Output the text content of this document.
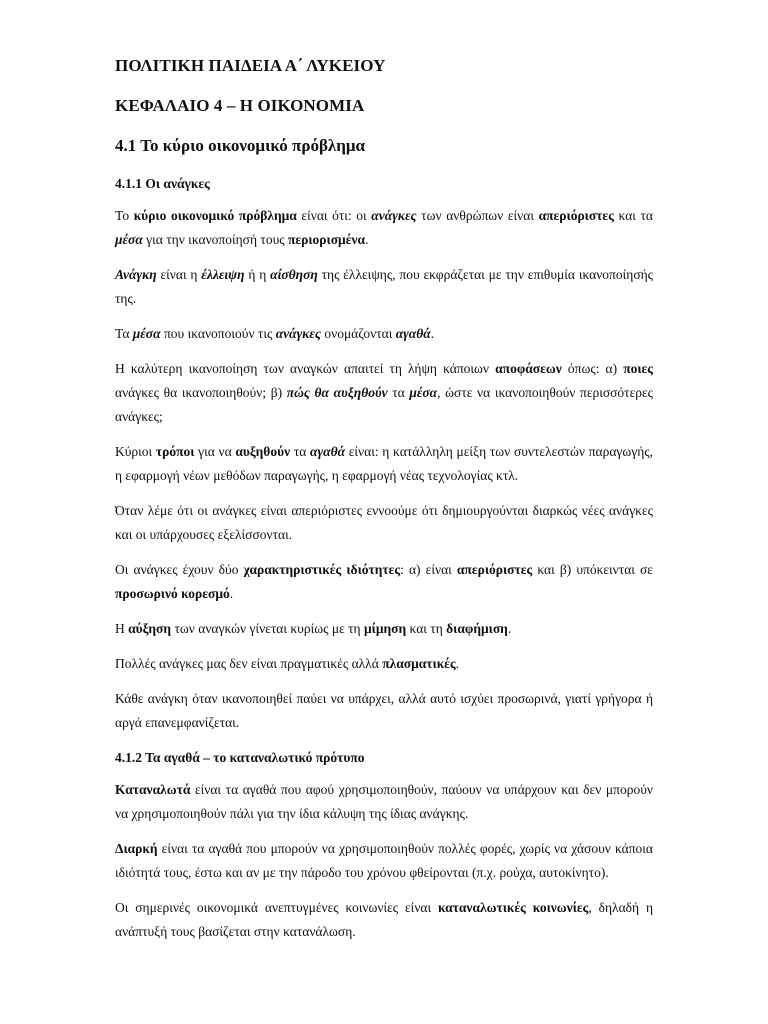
ΠΟΛΙΤΙΚΗ ΠΑΙΔΕΙΑ Α΄ ΛΥΚΕΙΟΥ
ΚΕΦΑΛΑΙΟ 4 – Η ΟΙΚΟΝΟΜΙΑ
4.1 Το κύριο οικονομικό πρόβλημα
4.1.1 Οι ανάγκες
Το κύριο οικονομικό πρόβλημα είναι ότι: οι ανάγκες των ανθρώπων είναι απεριόριστες και τα μέσα για την ικανοποίησή τους περιορισμένα.
Ανάγκη είναι η έλλειψη ή η αίσθηση της έλλειψης, που εκφράζεται με την επιθυμία ικανοποίησής της.
Τα μέσα που ικανοποιούν τις ανάγκες ονομάζονται αγαθά.
Η καλύτερη ικανοποίηση των αναγκών απαιτεί τη λήψη κάποιων αποφάσεων όπως: α) ποιες ανάγκες θα ικανοποιηθούν; β) πώς θα αυξηθούν τα μέσα, ώστε να ικανοποιηθούν περισσότερες ανάγκες;
Κύριοι τρόποι για να αυξηθούν τα αγαθά είναι: η κατάλληλη μείξη των συντελεστών παραγωγής, η εφαρμογή νέων μεθόδων παραγωγής, η εφαρμογή νέας τεχνολογίας κτλ.
Όταν λέμε ότι οι ανάγκες είναι απεριόριστες εννοούμε ότι δημιουργούνται διαρκώς νέες ανάγκες και οι υπάρχουσες εξελίσσονται.
Οι ανάγκες έχουν δύο χαρακτηριστικές ιδιότητες: α) είναι απεριόριστες και β) υπόκεινται σε προσωρινό κορεσμό.
Η αύξηση των αναγκών γίνεται κυρίως με τη μίμηση και τη διαφήμιση.
Πολλές ανάγκες μας δεν είναι πραγματικές αλλά πλασματικές.
Κάθε ανάγκη όταν ικανοποιηθεί παύει να υπάρχει, αλλά αυτό ισχύει προσωρινά, γιατί γρήγορα ή αργά επανεμφανίζεται.
4.1.2 Τα αγαθά – το καταναλωτικό πρότυπο
Καταναλωτά είναι τα αγαθά που αφού χρησιμοποιηθούν, παύουν να υπάρχουν και δεν μπορούν να χρησιμοποιηθούν πάλι για την ίδια κάλυψη της ίδιας ανάγκης.
Διαρκή είναι τα αγαθά που μπορούν να χρησιμοποιηθούν πολλές φορές, χωρίς να χάσουν κάποια ιδιότητά τους, έστω και αν με την πάροδο του χρόνου φθείρονται (π.χ. ρούχα, αυτοκίνητο).
Οι σημερινές οικονομικά ανεπτυγμένες κοινωνίες είναι καταναλωτικές κοινωνίες, δηλαδή η ανάπτυξή τους βασίζεται στην κατανάλωση.
